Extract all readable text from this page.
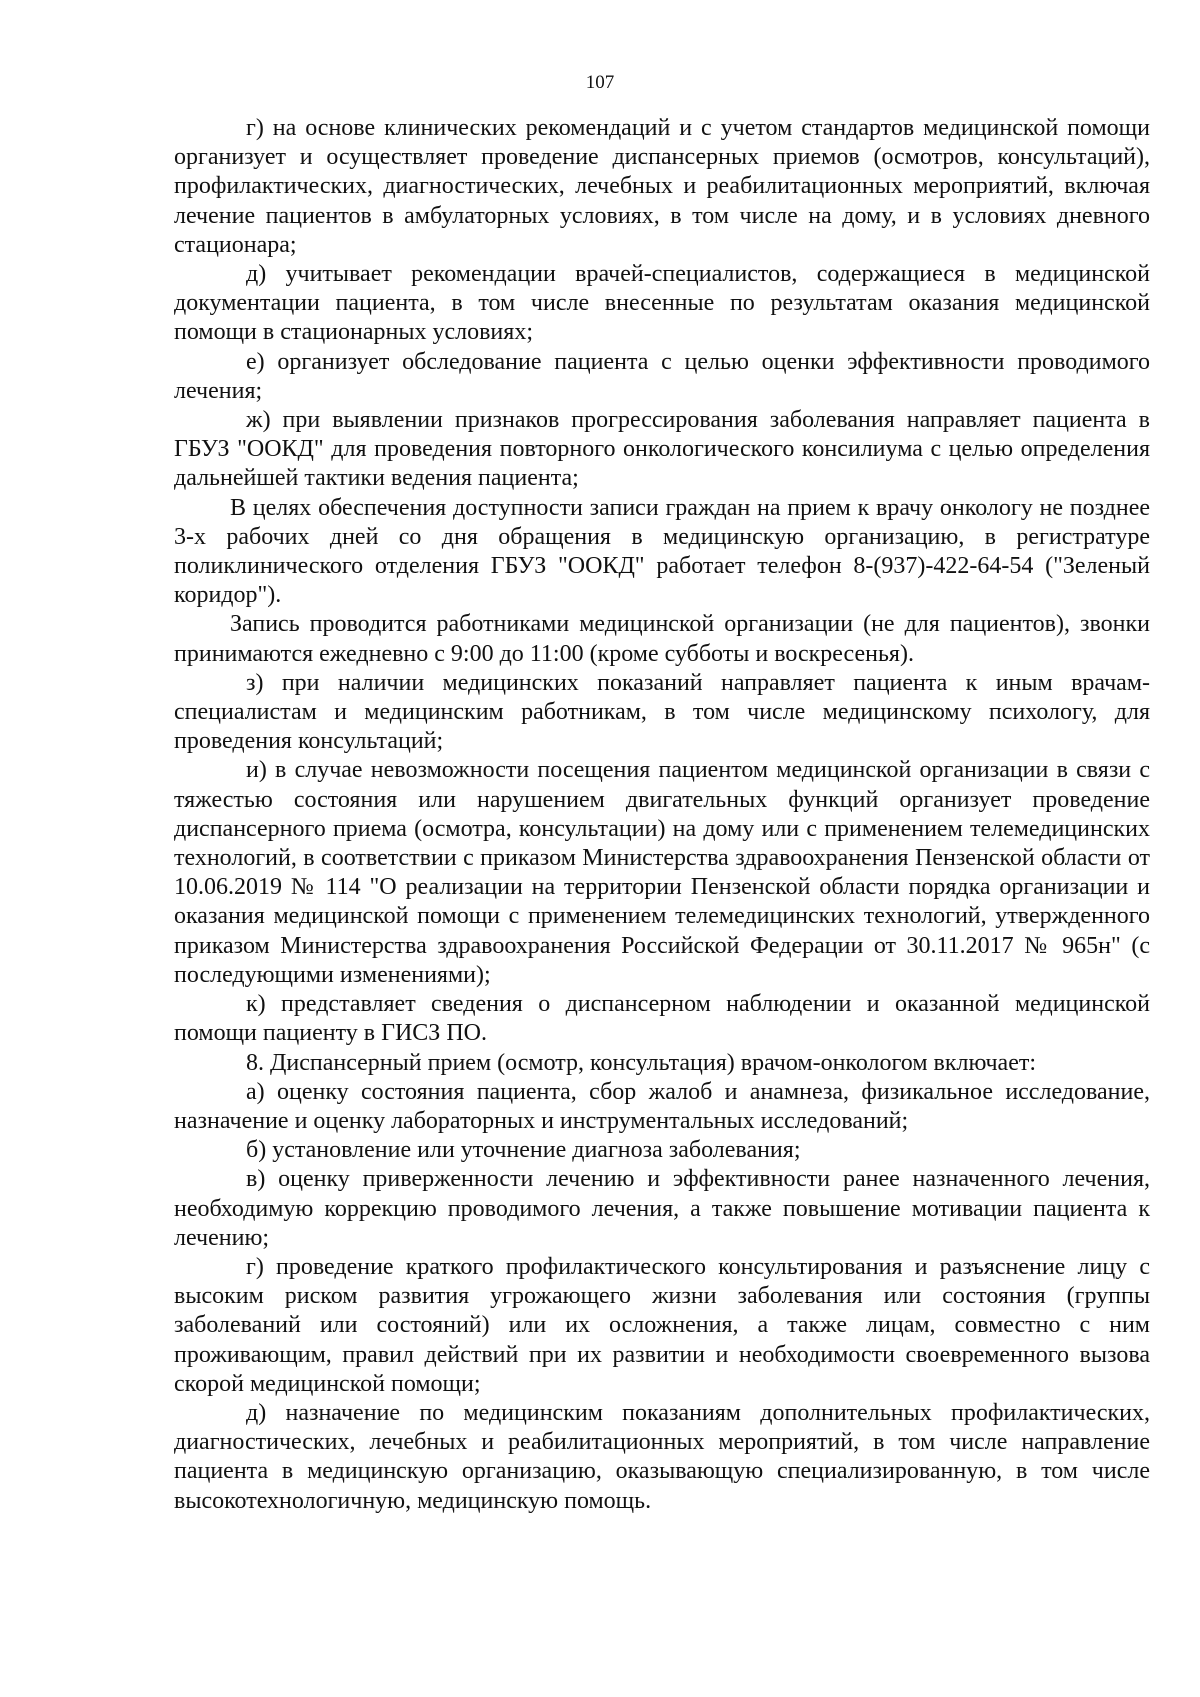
107

г) на основе клинических рекомендаций и с учетом стандартов медицинской помощи организует и осуществляет проведение диспансерных приемов (осмотров, консультаций), профилактических, диагностических, лечебных и реабилитационных мероприятий, включая лечение пациентов в амбулаторных условиях, в том числе на дому, и в условиях дневного стационара;

д) учитывает рекомендации врачей-специалистов, содержащиеся в медицинской документации пациента, в том числе внесенные по результатам оказания медицинской помощи в стационарных условиях;

е) организует обследование пациента с целью оценки эффективности проводимого лечения;

ж) при выявлении признаков прогрессирования заболевания направляет пациента в ГБУЗ "ООКД" для проведения повторного онкологического консилиума с целью определения дальнейшей тактики ведения пациента;

В целях обеспечения доступности записи граждан на прием к врачу онкологу не позднее 3-х рабочих дней со дня обращения в медицинскую организацию, в регистратуре поликлинического отделения ГБУЗ "ООКД" работает телефон 8-(937)-422-64-54 ("Зеленый коридор").

Запись проводится работниками медицинской организации (не для пациентов), звонки принимаются ежедневно с 9:00 до 11:00 (кроме субботы и воскресенья).

з) при наличии медицинских показаний направляет пациента к иным врачам-специалистам и медицинским работникам, в том числе медицинскому психологу, для проведения консультаций;

и) в случае невозможности посещения пациентом медицинской организации в связи с тяжестью состояния или нарушением двигательных функций организует проведение диспансерного приема (осмотра, консультации) на дому или с применением телемедицинских технологий, в соответствии с приказом Министерства здравоохранения Пензенской области от 10.06.2019 № 114 "О реализации на территории Пензенской области порядка организации и оказания медицинской помощи с применением телемедицинских технологий, утвержденного приказом Министерства здравоохранения Российской Федерации от 30.11.2017 № 965н" (с последующими изменениями);

к) представляет сведения о диспансерном наблюдении и оказанной медицинской помощи пациенту в ГИСЗ ПО.

8. Диспансерный прием (осмотр, консультация) врачом-онкологом включает:

а) оценку состояния пациента, сбор жалоб и анамнеза, физикальное исследование, назначение и оценку лабораторных и инструментальных исследований;

б) установление или уточнение диагноза заболевания;

в) оценку приверженности лечению и эффективности ранее назначенного лечения, необходимую коррекцию проводимого лечения, а также повышение мотивации пациента к лечению;

г) проведение краткого профилактического консультирования и разъяснение лицу с высоким риском развития угрожающего жизни заболевания или состояния (группы заболеваний или состояний) или их осложнения, а также лицам, совместно с ним проживающим, правил действий при их развитии и необходимости своевременного вызова скорой медицинской помощи;

д) назначение по медицинским показаниям дополнительных профилактических, диагностических, лечебных и реабилитационных мероприятий, в том числе направление пациента в медицинскую организацию, оказывающую специализированную, в том числе высокотехнологичную, медицинскую помощь.
